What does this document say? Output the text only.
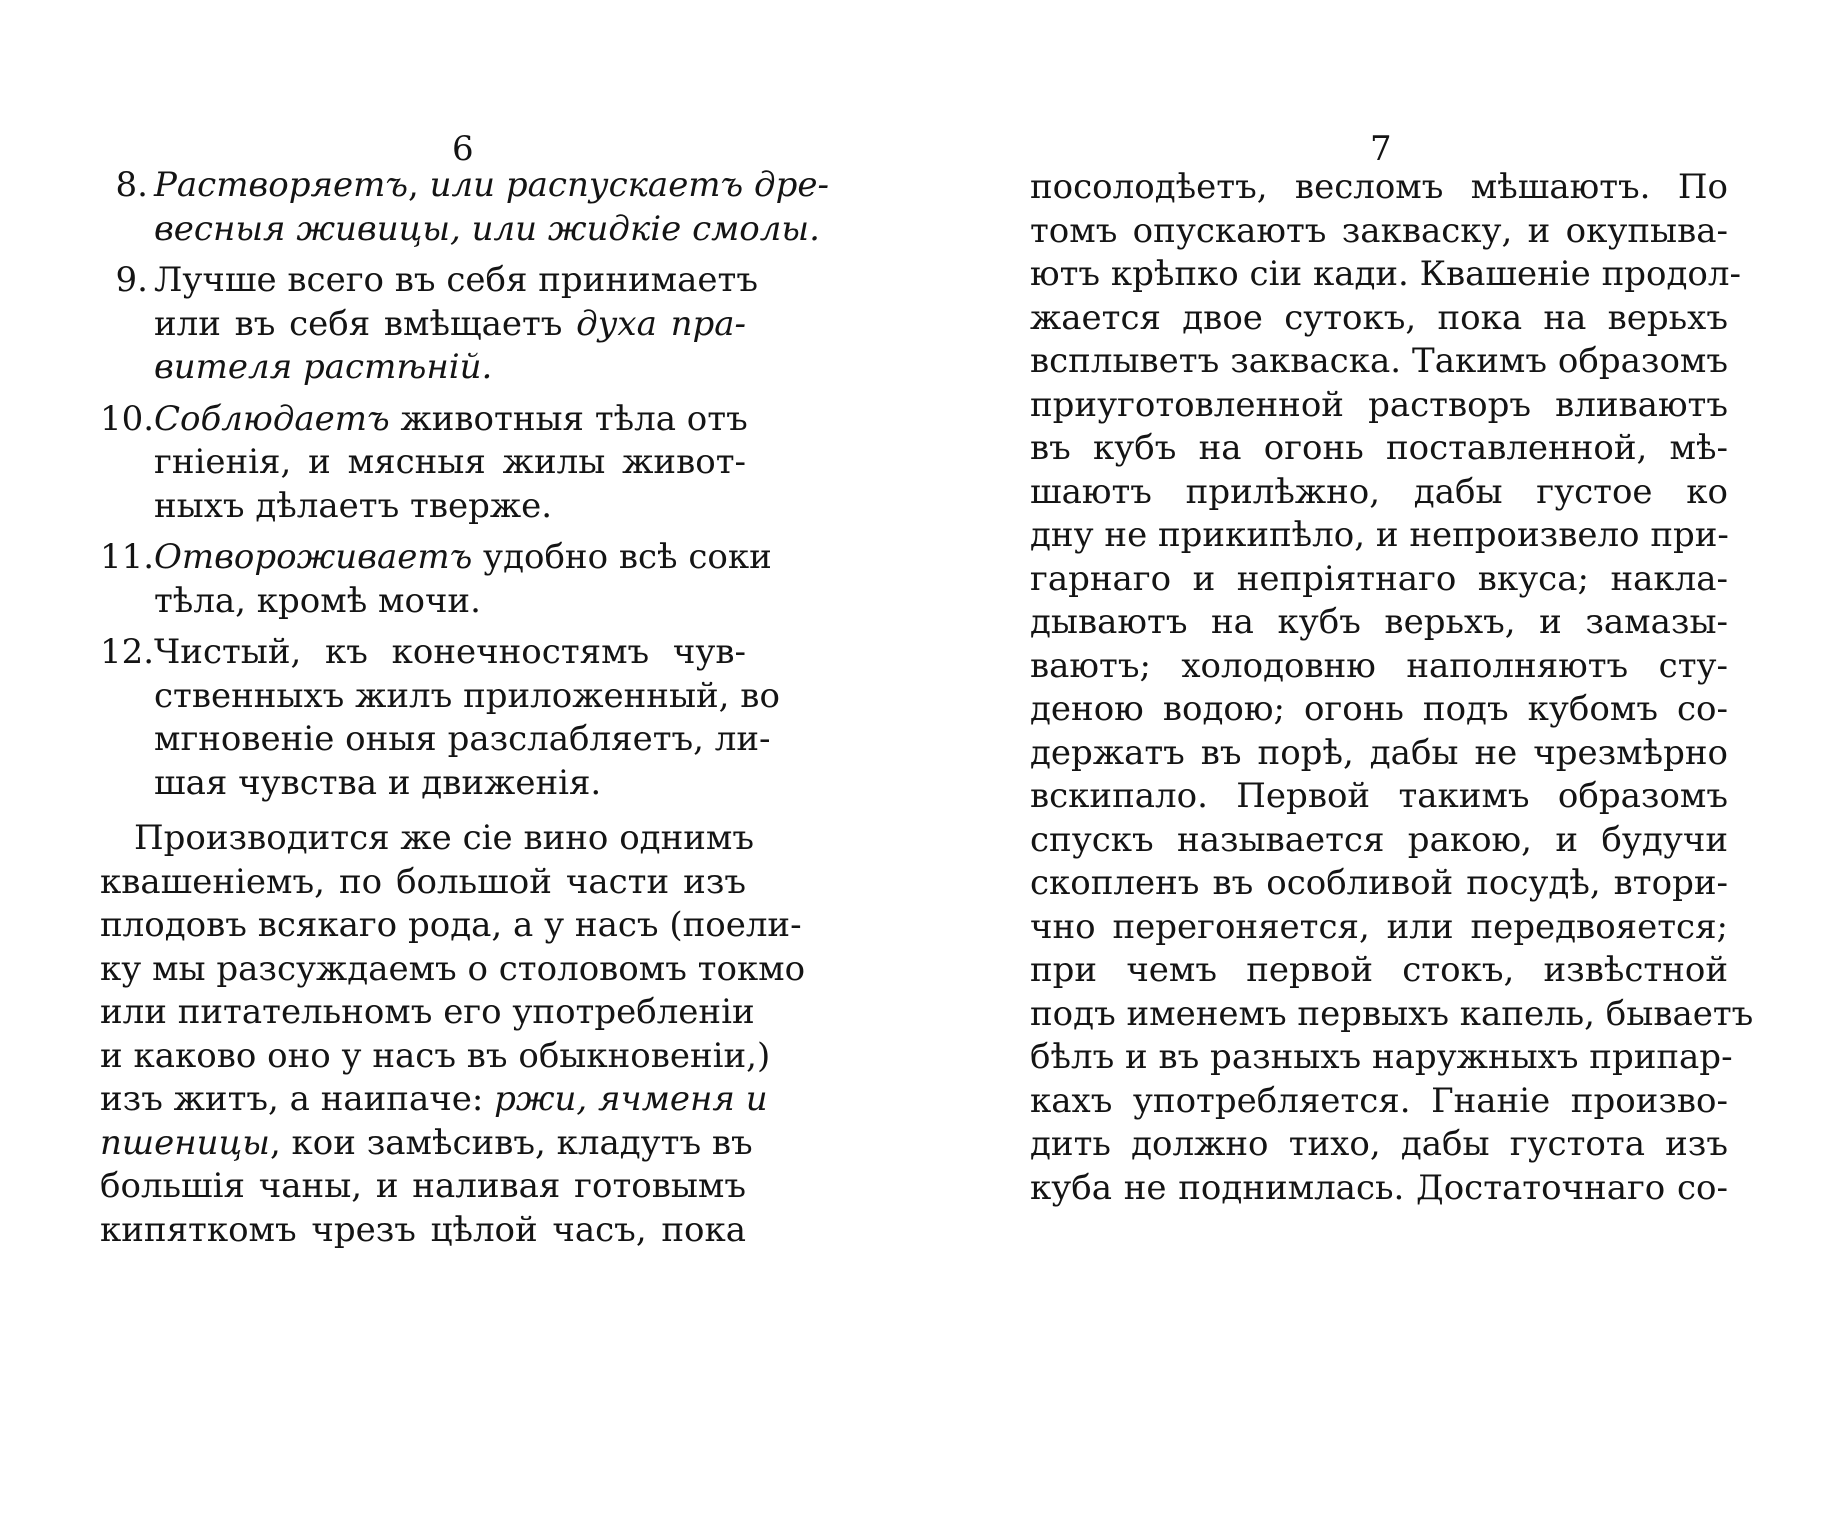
6
8. Растворяетъ, или распускаетъ дре-
весныя живицы, или жидкiе смолы.
9. Лучше всего въ себя принимаетъ
или въ себя вмѣщаетъ духа пра-
вителя растѣнiй.
10. Соблюдаетъ животныя тѣла отъ
гнiенiя, и мясныя жилы живот-
ныхъ дѣлаетъ тверже.
11. Отвороживаетъ удобно всѣ соки
тѣла, кромѣ мочи.
12. Чистый, къ конечностямъ чув-
ственныхъ жилъ приложенный, во
мгновенiе оныя разслабляетъ, ли-
шая чувства и движенiя.
Производится же сiе вино однимъ
квашенiемъ, по большой части изъ
плодовъ всякаго рода, а у насъ (поели-
ку мы разсуждаемъ о столовомъ токмо
или питательномъ его употребленiи
и каково оно у насъ въ обыкновенiи,)
изъ житъ, а наипаче: ржи, ячменя и
пшеницы, кои замѣсивъ, кладутъ въ
большiя чаны, и наливая готовымъ
кипяткомъ чрезъ цѣлой часъ, пока
7
посолодѣетъ, весломъ мѣшаютъ. По
томъ опускаютъ закваску, и окупыва-
ютъ крѣпко сiи кади. Квашенiе продол-
жается двое сутокъ, пока на верьхъ
всплыветъ закваска. Такимъ образомъ
приуготовленной растворъ вливаютъ
въ кубъ на огонь поставленной, мѣ-
шаютъ прилѣжно, дабы густое ко
дну не прикипѣло, и непроизвело при-
гарнаго и непрiятнаго вкуса; накла-
дываютъ на кубъ верьхъ, и замазы-
ваютъ; холодовню наполняютъ сту-
деною водою; огонь подъ кубомъ со-
держатъ въ порѣ, дабы не чрезмѣрно
вскипало. Первой такимъ образомъ
спускъ называется ракою, и будучи
скопленъ въ особливой посудѣ, втори-
чно перегоняется, или передвояется;
при чемъ первой стокъ, извѣстной
подъ именемъ первыхъ капель, бываетъ
бѣлъ и въ разныхъ наружныхъ припар-
кахъ употребляется. Гнанiе произво-
дить должно тихо, дабы густота изъ
куба не поднимлась. Достаточнаго со-
